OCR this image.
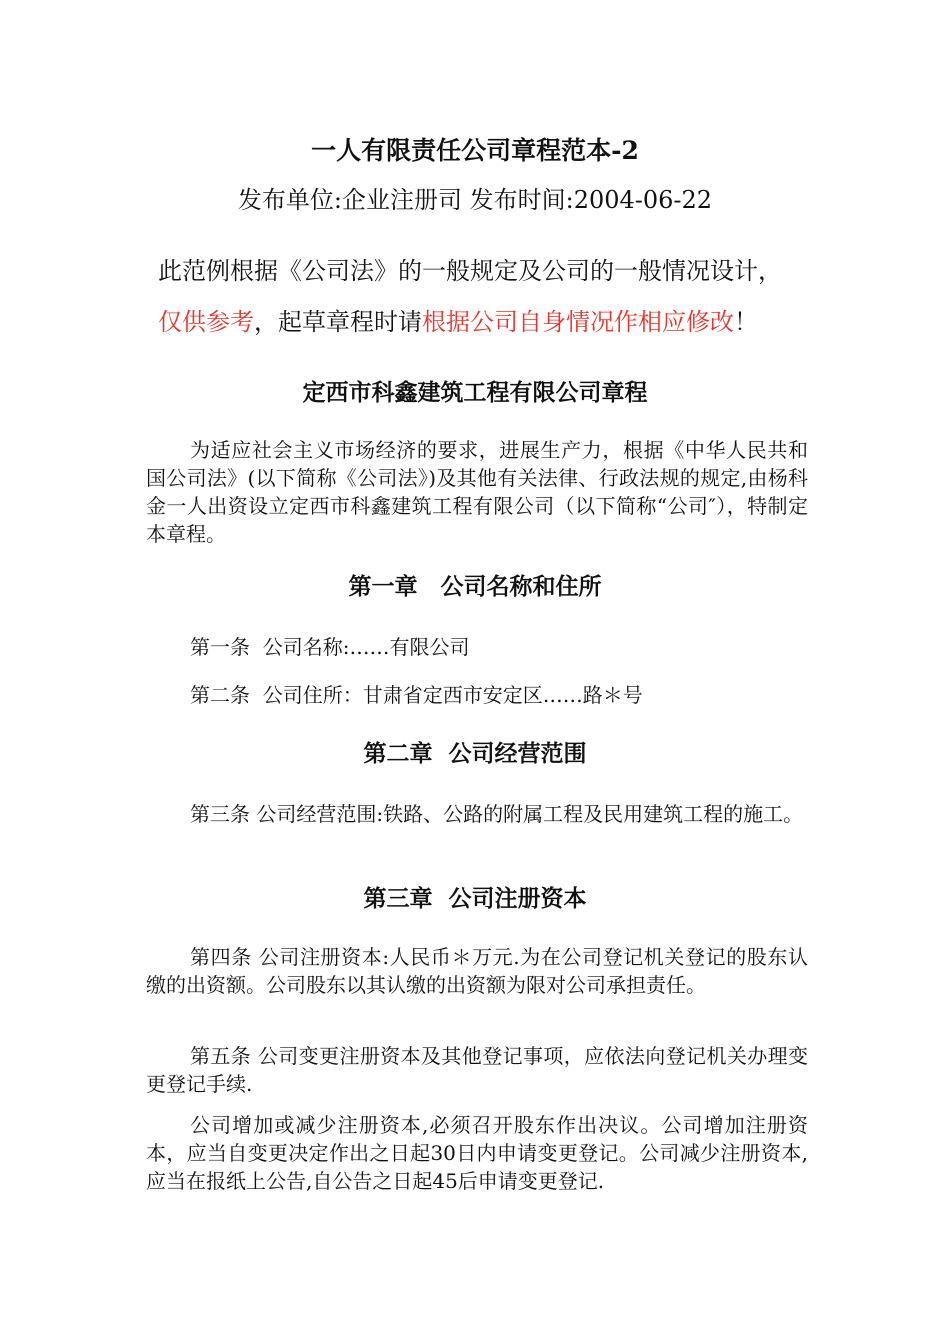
一人有限责任公司章程范本-2
发布单位:企业注册司 发布时间:2004-06-22
此范例根据《公司法》的一般规定及公司的一般情况设计，
仅供参考，起草章程时请根据公司自身情况作相应修改！
定西市科鑫建筑工程有限公司章程
为适应社会主义市场经济的要求，进展生产力，根据《中华人民共和国公司法》(以下简称《公司法》)及其他有关法律、行政法规的规定,由杨科金一人出资设立定西市科鑫建筑工程有限公司（以下简称“公司″），特制定本章程。
第一章　公司名称和住所
第一条  公司名称:……有限公司
第二条  公司住所：甘肃省定西市安定区……路＊号
第二章  公司经营范围
第三条 公司经营范围:铁路、公路的附属工程及民用建筑工程的施工。
第三章  公司注册资本
第四条 公司注册资本:人民币＊万元.为在公司登记机关登记的股东认缴的出资额。公司股东以其认缴的出资额为限对公司承担责任。
第五条 公司变更注册资本及其他登记事项，应依法向登记机关办理变更登记手续.
公司增加或减少注册资本,必须召开股东作出决议。公司增加注册资本，应当自变更决定作出之日起30日内申请变更登记。公司减少注册资本,应当在报纸上公告,自公告之日起45后申请变更登记.
